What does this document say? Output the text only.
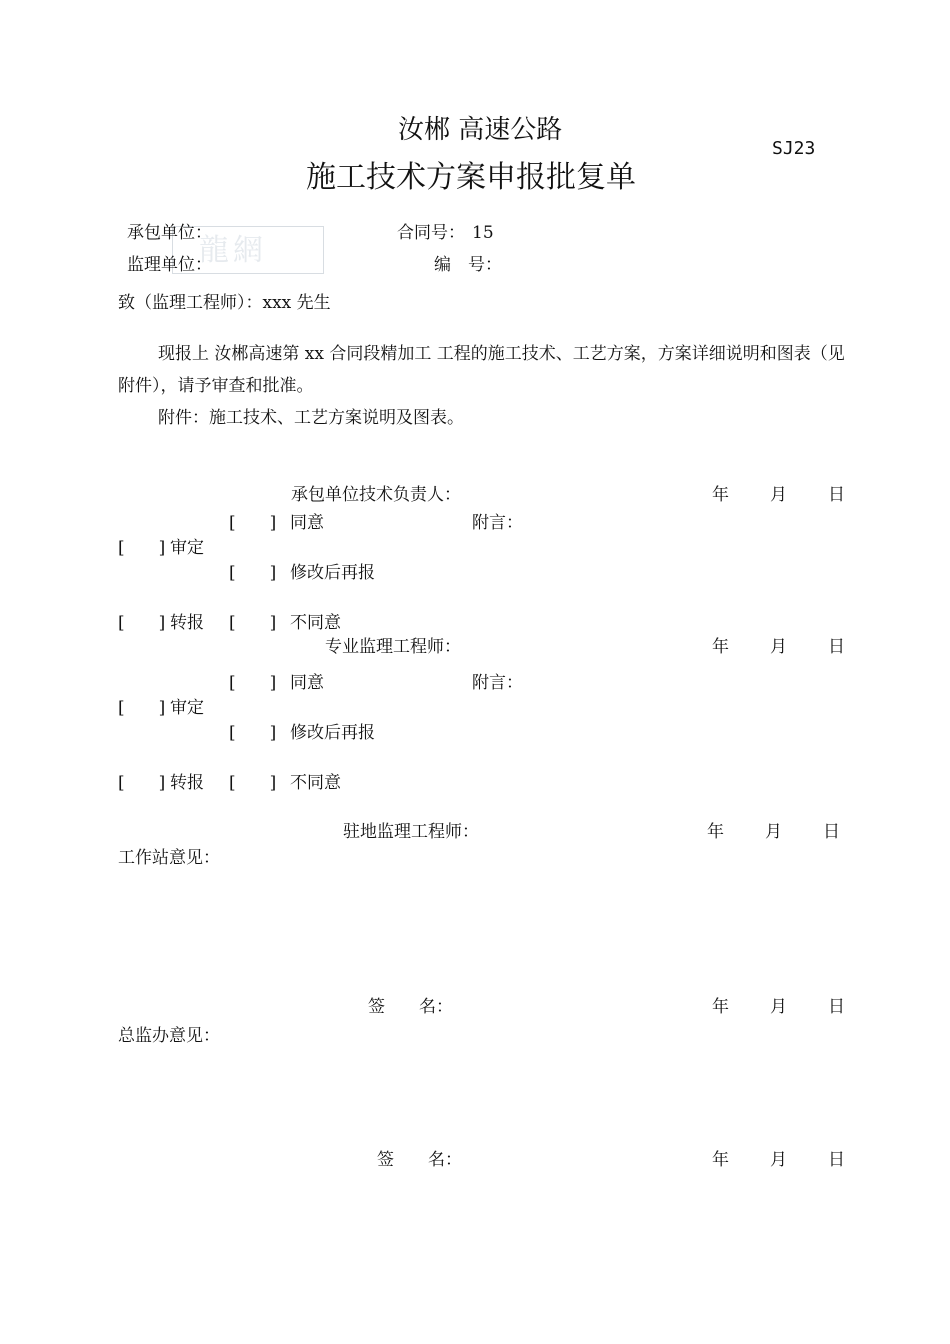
汝郴 高速公路
SJ23
施工技术方案申报批复单
龍網
承包单位：	合同号： 15
监理单位：	编　号：
致（监理工程师）：xxx 先生
现报上 汝郴高速第 xx 合同段精加工 工程的施工技术、工艺方案，方案详细说明和图表（见附件），请予审查和批准。
附件：施工技术、工艺方案说明及图表。
承包单位技术负责人：	年 月 日
[　　] 同意	附言：
[　　] 审定
[　　] 修改后再报
[　　] 转报 [　　] 不同意
专业监理工程师：	年 月 日
[　　] 同意	附言：
[　　] 审定
[　　] 修改后再报
[　　] 转报 [　　] 不同意
驻地监理工程师：	年 月 日
工作站意见：
签　　名：	年 月 日
总监办意见：
签　　名：	年 月 日
